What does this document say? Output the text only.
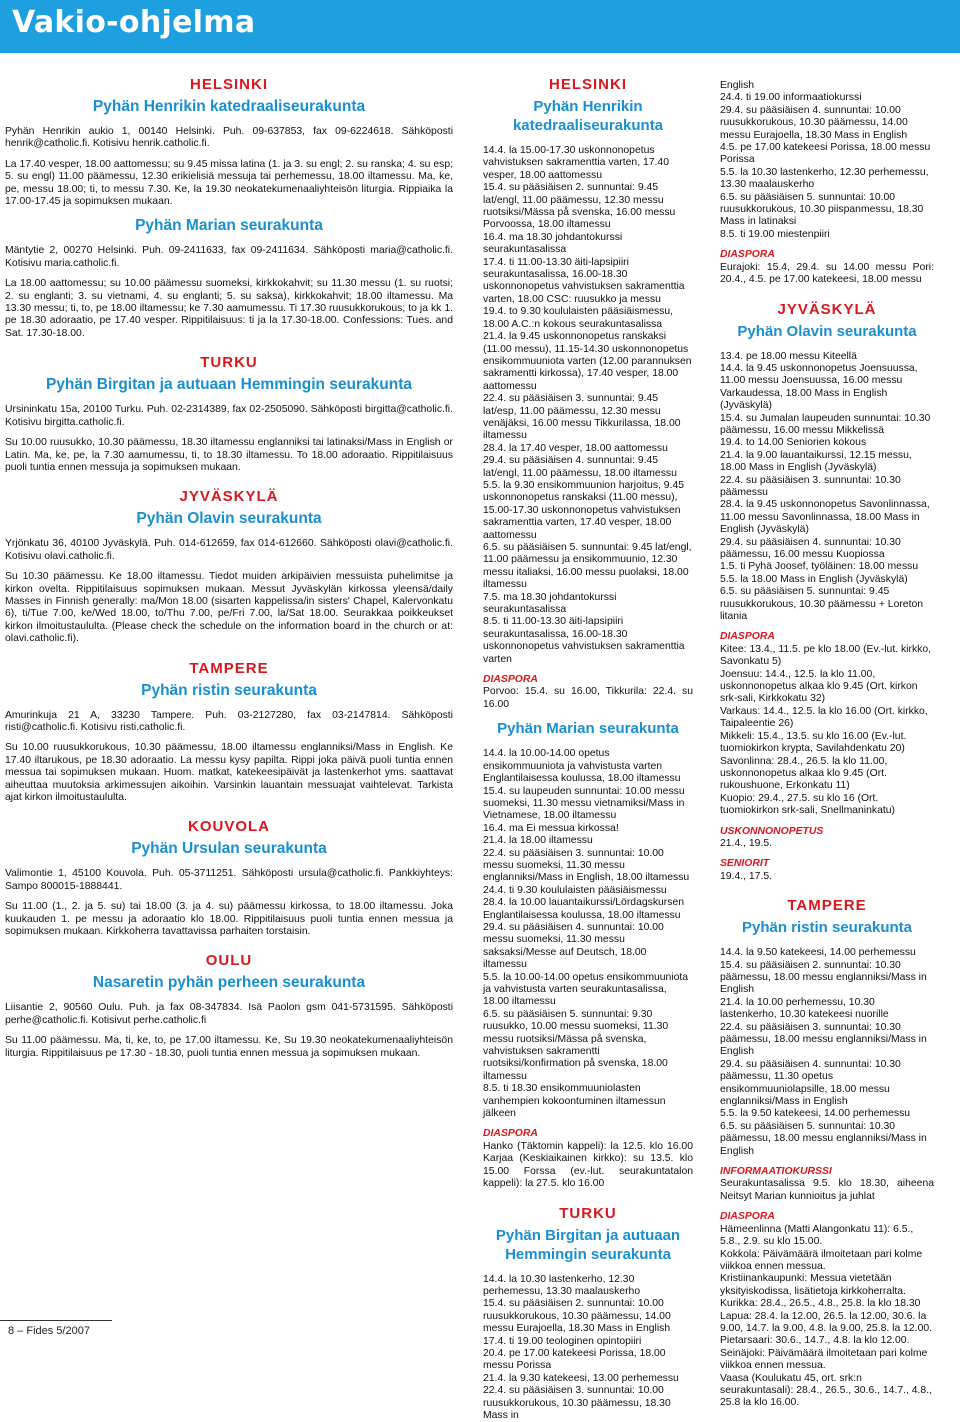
Vakio-ohjelma
HELSINKI
Pyhän Henrikin katedraaliseurakunta

Pyhän Henrikin aukio 1, 00140 Helsinki. Puh. 09-637853, fax 09-6224618. Sähköposti henrik@catholic.fi. Kotisivu henrik.catholic.fi.

La 17.40 vesper, 18.00 aattomessu; su 9.45 missa latina (1. ja 3. su engl; 2. su ranska; 4. su esp; 5. su engl) 11.00 päämessu, 12.30 erikielisiä messuja tai perhemessu, 18.00 iltamessu. Ma, ke, pe, messu 18.00; ti, to messu 7.30. Ke, la 19.30 neokatekumenaaliyhteisön liturgia. Rippiaika la 17.00-17.45 ja sopimuksen mukaan.

Pyhän Marian seurakunta

Mäntytie 2, 00270 Helsinki. Puh. 09-2411633, fax 09-2411634. Sähköposti maria@catholic.fi. Kotisivu maria.catholic.fi.

La 18.00 aattomessu; su 10.00 päämessu suomeksi, kirkkokahvit; su 11.30 messu (1. su ruotsi; 2. su englanti; 3. su vietnami, 4. su englanti; 5. su saksa), kirkkokahvit; 18.00 iltamessu. Ma 13.30 messu; ti, to, pe 18.00 iltamessu; ke 7.30 aamumessu. Ti 17.30 ruusukkorukous; to ja kk 1. pe 18.30 adoraatio, pe 17.40 vesper. Rippitilaisuus: ti ja la 17.30-18.00. Confessions: Tues. and Sat. 17.30-18.00.

TURKU
Pyhän Birgitan ja autuaan Hemmingin seurakunta

Ursininkatu 15a, 20100 Turku. Puh. 02-2314389, fax 02-2505090. Sähköposti birgitta@catholic.fi. Kotisivu birgitta.catholic.fi.

Su 10.00 ruusukko, 10.30 päämessu, 18.30 iltamessu englanniksi tai latinaksi/Mass in English or Latin. Ma, ke, pe, la 7.30 aamumessu, ti, to 18.30 iltamessu. To 18.00 adoraatio. Rippitilaisuus puoli tuntia ennen messuja ja sopimuksen mukaan.

JYVÄSKYLÄ
Pyhän Olavin seurakunta

Yrjönkatu 36, 40100 Jyväskylä. Puh. 014-612659, fax 014-612660. Sähköposti olavi@catholic.fi. Kotisivu olavi.catholic.fi.

Su 10.30 päämessu. Ke 18.00 iltamessu. Tiedot muiden arkipäivien messuista puhelimitse ja kirkon ovelta. Rippitilaisuus sopimuksen mukaan. Messut Jyväskylän kirkossa yleensä/daily Masses in Finnish generally: ma/Mon 18.00 (sisarten kappelissa/in sisters' Chapel, Kalervonkatu 6), ti/Tue 7.00, ke/Wed 18.00, to/Thu 7.00, pe/Fri 7.00, la/Sat 18.00. Seurakkaa poikkeukset kirkon ilmoitustaululta. (Please check the schedule on the information board in the church or at: olavi.catholic.fi).

TAMPERE
Pyhän ristin seurakunta

Amurinkuja 21 A, 33230 Tampere. Puh. 03-2127280, fax 03-2147814. Sähköposti risti@catholic.fi. Kotisivu risti.catholic.fi.

Su 10.00 ruusukkorukous, 10.30 päämessu, 18.00 iltamessu englanniksi/Mass in English. Ke 17.40 iltarukous, pe 18.30 adoraatio. La messu kysy papilta. Rippi joka päivä puoli tuntia ennen messua tai sopimuksen mukaan. Huom. matkat, katekeesipäivät ja lastenkerhot yms. saattavat aiheuttaa muutoksia arkimessujen aikoihin. Varsinkin lauantain messuajat vaihtelevat. Tarkista ajat kirkon ilmoitustaululta.

KOUVOLA
Pyhän Ursulan seurakunta

Valimontie 1, 45100 Kouvola. Puh. 05-3711251. Sähköposti ursula@catholic.fi. Pankkiyhteys: Sampo 800015-1888441.

Su 11.00 (1., 2. ja 5. su) tai 18.00 (3. ja 4. su) päämessu kirkossa, to 18.00 iltamessu. Joka kuukauden 1. pe messu ja adoraatio klo 18.00. Rippitilaisuus puoli tuntia ennen messua ja sopimuksen mukaan. Kirkkoherra tavattavissa parhaiten torstaisin.

OULU
Nasaretin pyhän perheen seurakunta

Liisantie 2, 90560 Oulu. Puh. ja fax 08-347834. Isä Paolon gsm 041-5731595. Sähköposti perhe@catholic.fi. Kotisivut perhe.catholic.fi

Su 11.00 päämessu. Ma, ti, ke, to, pe 17.00 iltamessu. Ke, Su 19.30 neokatekumenaaliyhteisön liturgia. Rippitilaisuus pe 17.30 - 18.30, puoli tuntia ennen messua ja sopimuksen mukaan.

HELSINKI
Pyhän Henrikin katedraaliseurakunta
14.4. la 15.00-17.30 uskonnonopetus vahvistuksen sakramenttia varten, 17.40 vesper, 18.00 aattomessu
15.4. su pääsiäisen 2. sunnuntai: 9.45 lat/engl, 11.00 päämessu, 12.30 messu ruotsiksi/Mässa på svenska, 16.00 messu Porvoossa, 18.00 iltamessu
16.4. ma 18.30 johdantokurssi seurakuntasalissa
17.4. ti 11.00-13.30 äiti-lapsipiiri seurakuntasalissa, 16.00-18.30 uskonnonopetus vahvistuksen sakramenttia varten, 18.00 CSC: ruusukko ja messu
19.4. to 9.30 koululaisten pääsiäismessu, 18.00 A.C.:n kokous seurakuntasalissa
21.4. la 9.45 uskonnonopetus ranskaksi (11.00 messu), 11.15-14.30 uskonnonopetus ensikommuuniota varten (12.00 parannuksen sakramentti kirkossa), 17.40 vesper, 18.00 aattomessu
22.4. su pääsiäisen 3. sunnuntai: 9.45 lat/esp, 11.00 päämessu, 12.30 messu venäjäksi, 16.00 messu Tikkurilassa, 18.00 iltamessu
28.4. la 17.40 vesper, 18.00 aattomessu
29.4. su pääsiäisen 4. sunnuntai: 9.45 lat/engl, 11.00 päämessu, 18.00 iltamessu
5.5. la 9.30 ensikommuunion harjoitus, 9.45 uskonnonopetus ranskaksi (11.00 messu), 15.00-17.30 uskonnonopetus vahvistuksen sakramenttia varten, 17.40 vesper, 18.00 aattomessu
6.5. su pääsiäisen 5. sunnuntai: 9.45 lat/engl, 11.00 päämessu ja ensikommuunio, 12.30 messu italiaksi, 16.00 messu puolaksi, 18.00 iltamessu
7.5. ma 18.30 johdantokurssi seurakuntasalissa
8.5. ti 11.00-13.30 äiti-lapsipiiri seurakuntasalissa, 16.00-18.30 uskonnonopetus vahvistuksen sakramenttia varten
DIASPORA

Porvoo: 15.4. su 16.00, Tikkurila: 22.4. su 16.00

Pyhän Marian seurakunta
14.4. la 10.00-14.00 opetus ensikommuuniota ja vahvistusta varten Englantilaisessa koulussa, 18.00 iltamessu
15.4. su laupeuden sunnuntai: 10.00 messu suomeksi, 11.30 messu vietnamiksi/Mass in Vietnamese, 18.00 iltamessu
16.4. ma Ei messua kirkossa!
21.4. la 18.00 iltamessu
22.4. su pääsiäisen 3. sunnuntai: 10.00 messu suomeksi, 11.30 messu englanniksi/Mass in English, 18.00 iltamessu
24.4. ti 9.30 koululaisten pääsiäismessu
28.4. la 10.00 lauantaikurssi/Lördagskursen Englantilaisessa koulussa, 18.00 iltamessu
29.4. su pääsiäisen 4. sunnuntai: 10.00 messu suomeksi, 11.30 messu saksaksi/Messe auf Deutsch, 18.00 iltamessu
5.5. la 10.00-14.00 opetus ensikommuuniota ja vahvistusta varten seurakuntasalissa, 18.00 iltamessu
6.5. su pääsiäisen 5. sunnuntai: 9.30 ruusukko, 10.00 messu suomeksi, 11.30 messu ruotsiksi/Mässa på svenska, vahvistuksen sakramentti ruotsiksi/konfirmation på svenska, 18.00 iltamessu
8.5. ti 18.30 ensikommuuniolasten vanhempien kokoontuminen iltamessun jälkeen
DIASPORA

Hanko (Täktomin kappeli): la 12.5. klo 16.00 Karjaa (Keskiaikainen kirkko): su 13.5. klo 15.00 Forssa (ev.-lut. seurakuntatalon kappeli): la 27.5. klo 16.00

TURKU
Pyhän Birgitan ja autuaan Hemmingin seurakunta
14.4. la 10.30 lastenkerho, 12.30 perhemessu, 13.30 maalauskerho
15.4. su pääsiäisen 2. sunnuntai: 10.00 ruusukkorukous, 10.30 päämessu, 14.00 messu Eurajoella, 18.30 Mass in English
17.4. ti 19.00 teologinen opintopiiri
20.4. pe 17.00 katekeesi Porissa, 18.00 messu Porissa
21.4. la 9.30 katekeesi, 13.00 perhemessu
22.4. su pääsiäisen 3. sunnuntai: 10.00 ruusukkorukous, 10.30 päämessu, 18.30 Mass in
English
24.4. ti 19.00 informaatiokurssi
29.4. su pääsiäisen 4. sunnuntai: 10.00 ruusukkorukous, 10.30 päämessu, 14.00 messu Eurajoella, 18.30 Mass in English
4.5. pe 17.00 katekeesi Porissa, 18.00 messu Porissa
5.5. la 10.30 lastenkerho, 12.30 perhemessu, 13.30 maalauskerho
6.5. su pääsiäisen 5. sunnuntai: 10.00 ruusukkorukous, 10.30 piispanmessu, 18.30 Mass in latinaksi
8.5. ti 19.00 miestenpiiri
DIASPORA

Eurajoki: 15.4, 29.4. su 14.00 messu Pori: 20.4., 4.5. pe 17.00 katekeesi, 18.00 messu

JYVÄSKYLÄ
Pyhän Olavin seurakunta
13.4. pe 18.00 messu Kiteellä
14.4. la 9.45 uskonnonopetus Joensuussa, 11.00 messu Joensuussa, 16.00 messu Varkaudessa, 18.00 Mass in English (Jyväskylä)
15.4. su Jumalan laupeuden sunnuntai: 10.30 päämessu, 16.00 messu Mikkelissä
19.4. to 14.00 Seniorien kokous
21.4. la 9.00 lauantaikurssi, 12.15 messu, 18.00 Mass in English (Jyväskylä)
22.4. su pääsiäisen 3. sunnuntai: 10.30 päämessu
28.4. la 9.45 uskonnonopetus Savonlinnassa, 11.00 messu Savonlinnassa, 18.00 Mass in English (Jyväskylä)
29.4. su pääsiäisen 4. sunnuntai: 10.30 päämessu, 16.00 messu Kuopiossa
1.5. ti Pyhä Joosef, työläinen: 18.00 messu
5.5. la 18.00 Mass in English (Jyväskylä)
6.5. su pääsiäisen 5. sunnuntai: 9.45 ruusukkorukous, 10.30 päämessu + Loreton litania
DIASPORA
Kitee: 13.4., 11.5. pe klo 18.00 (Ev.-lut. kirkko, Savonkatu 5)
Joensuu: 14.4., 12.5. la klo 11.00, uskonnonopetus alkaa klo 9.45 (Ort. kirkon srk-sali, Kirkkokatu 32)
Varkaus: 14.4., 12.5. la klo 16.00 (Ort. kirkko, Taipaleentie 26)
Mikkeli: 15.4., 13.5. su klo 16.00 (Ev.-lut. tuomiokirkon krypta, Savilahdenkatu 20)
Savonlinna: 28.4., 26.5. la klo 11.00, uskonnonopetus alkaa klo 9.45 (Ort. rukoushuone, Erkonkatu 11)
Kuopio: 29.4., 27.5. su klo 16 (Ort. tuomiokirkon srk-sali, Snellmaninkatu)
USKONNONOPETUS

21.4., 19.5.

SENIORIT

19.4., 17.5.

TAMPERE
Pyhän ristin seurakunta
14.4. la 9.50 katekeesi, 14.00 perhemessu
15.4. su pääsiäisen 2. sunnuntai: 10.30 päämessu, 18.00 messu englanniksi/Mass in English
21.4. la 10.00 perhemessu, 10.30 lastenkerho, 10.30 katekeesi nuorille
22.4. su pääsiäisen 3. sunnuntai: 10.30 päämessu, 18.00 messu englanniksi/Mass in English
29.4. su pääsiäisen 4. sunnuntai: 10.30 päämessu, 11.30 opetus ensikommuuniolapsille, 18.00 messu englanniksi/Mass in English
5.5. la 9.50 katekeesi, 14.00 perhemessu
6.5. su pääsiäisen 5. sunnuntai: 10.30 päämessu, 18.00 messu englanniksi/Mass in English
INFORMAATIOKURSSI

Seurakuntasalissa 9.5. klo 18.30, aiheena Neitsyt Marian kunnioitus ja juhlat

DIASPORA
Hämeenlinna (Matti Alangonkatu 11): 6.5., 5.8., 2.9. su klo 15.00.
Kokkola: Päivämäärä ilmoitetaan pari kolme viikkoa ennen messua.
Kristiinankaupunki: Messua vietetään yksityiskodissa, lisätietoja kirkkoherralta.
Kurikka: 28.4., 26.5., 4.8., 25.8. la klo 18.30
Lapua: 28.4. la 12.00, 26.5. la 12.00, 30.6. la 9.00, 14.7. la 9.00, 4.8. la 9.00, 25.8. la 12.00.
Pietarsaari: 30.6., 14.7., 4.8. la klo 12.00.
Seinäjoki: Päivämäärä ilmoitetaan pari kolme viikkoa ennen messua.
Vaasa (Koulukatu 45, ort. srk:n seurakuntasali): 28.4., 26.5., 30.6., 14.7., 4.8., 25.8 la klo 16.00.
8 – Fides 5/2007
